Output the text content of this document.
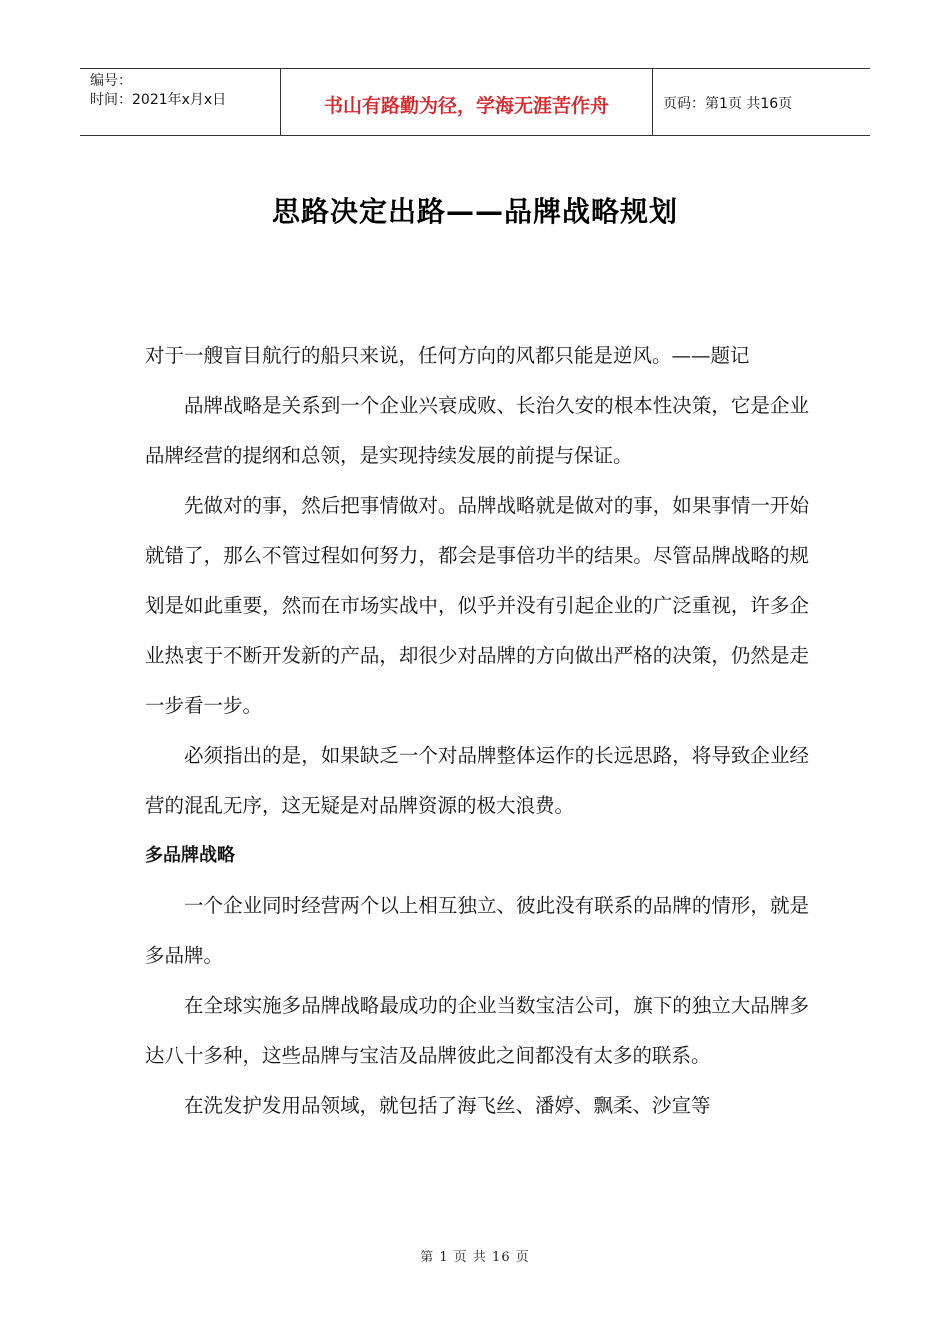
编号：
时间：2021年x月x日	书山有路勤为径，学海无涯苦作舟	页码：第1页 共16页
思路决定出路——品牌战略规划

对于一艘盲目航行的船只来说，任何方向的风都只能是逆风。——题记

品牌战略是关系到一个企业兴衰成败、长治久安的根本性决策，它是企业品牌经营的提纲和总领，是实现持续发展的前提与保证。

先做对的事，然后把事情做对。品牌战略就是做对的事，如果事情一开始就错了，那么不管过程如何努力，都会是事倍功半的结果。尽管品牌战略的规划是如此重要，然而在市场实战中，似乎并没有引起企业的广泛重视，许多企业热衷于不断开发新的产品，却很少对品牌的方向做出严格的决策，仍然是走一步看一步。

必须指出的是，如果缺乏一个对品牌整体运作的长远思路，将导致企业经营的混乱无序，这无疑是对品牌资源的极大浪费。

多品牌战略

一个企业同时经营两个以上相互独立、彼此没有联系的品牌的情形，就是多品牌。

在全球实施多品牌战略最成功的企业当数宝洁公司，旗下的独立大品牌多达八十多种，这些品牌与宝洁及品牌彼此之间都没有太多的联系。

在洗发护发用品领域，就包括了海飞丝、潘婷、飘柔、沙宣等

第 1 页 共 16 页
